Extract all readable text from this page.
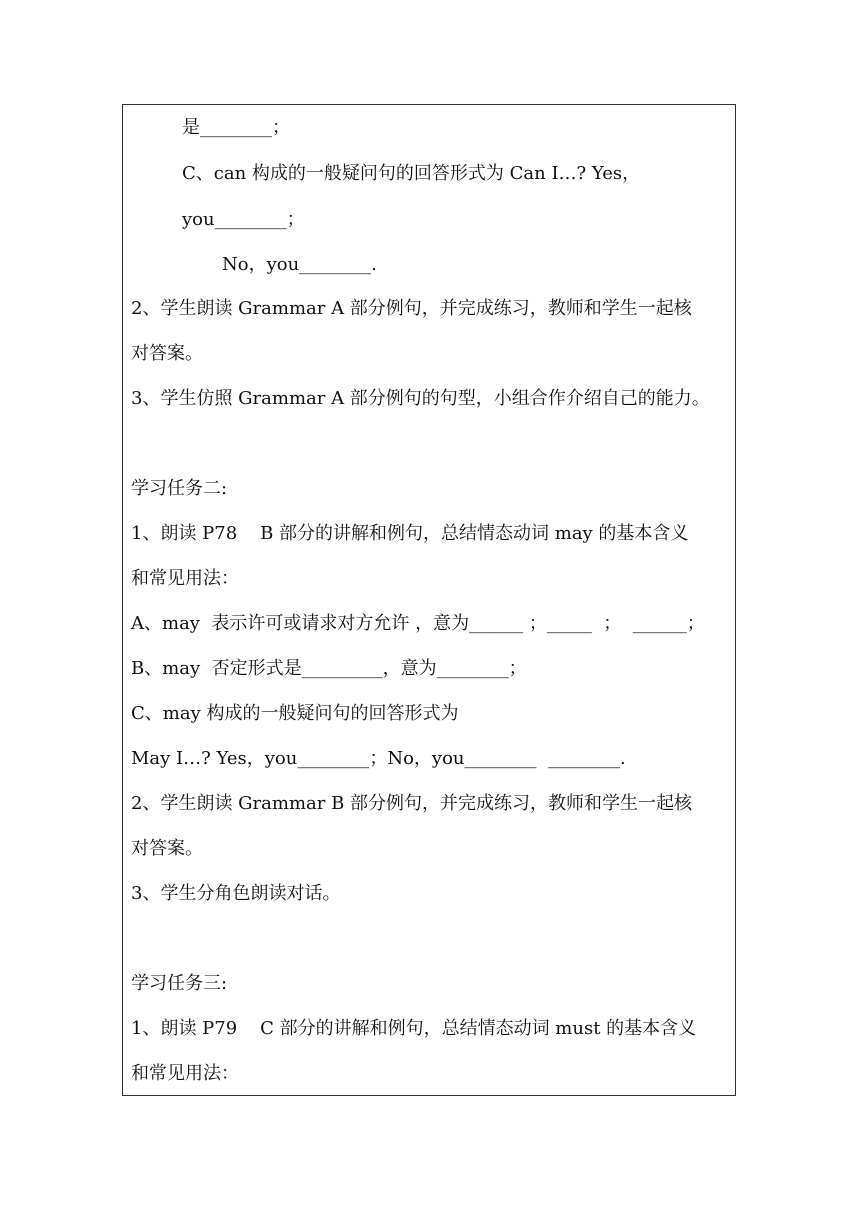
是________；
C、can 构成的一般疑问句的回答形式为 Can I…? Yes，
you________；
No，you________.
2、学生朗读 Grammar A 部分例句，并完成练习，教师和学生一起核
对答案。
3、学生仿照 Grammar A 部分例句的句型，小组合作介绍自己的能力。
学习任务二:
1、朗读 P78    B 部分的讲解和例句，总结情态动词 may 的基本含义
和常见用法：
A、may  表示许可或请求对方允许 ，意为______ ；_____  ；  ______；
B、may  否定形式是_________，意为________；
C、may 构成的一般疑问句的回答形式为
May I…? Yes，you________；No，you________  ________.
2、学生朗读 Grammar B 部分例句，并完成练习，教师和学生一起核
对答案。
3、学生分角色朗读对话。
学习任务三:
1、朗读 P79    C 部分的讲解和例句，总结情态动词 must 的基本含义
和常见用法：
